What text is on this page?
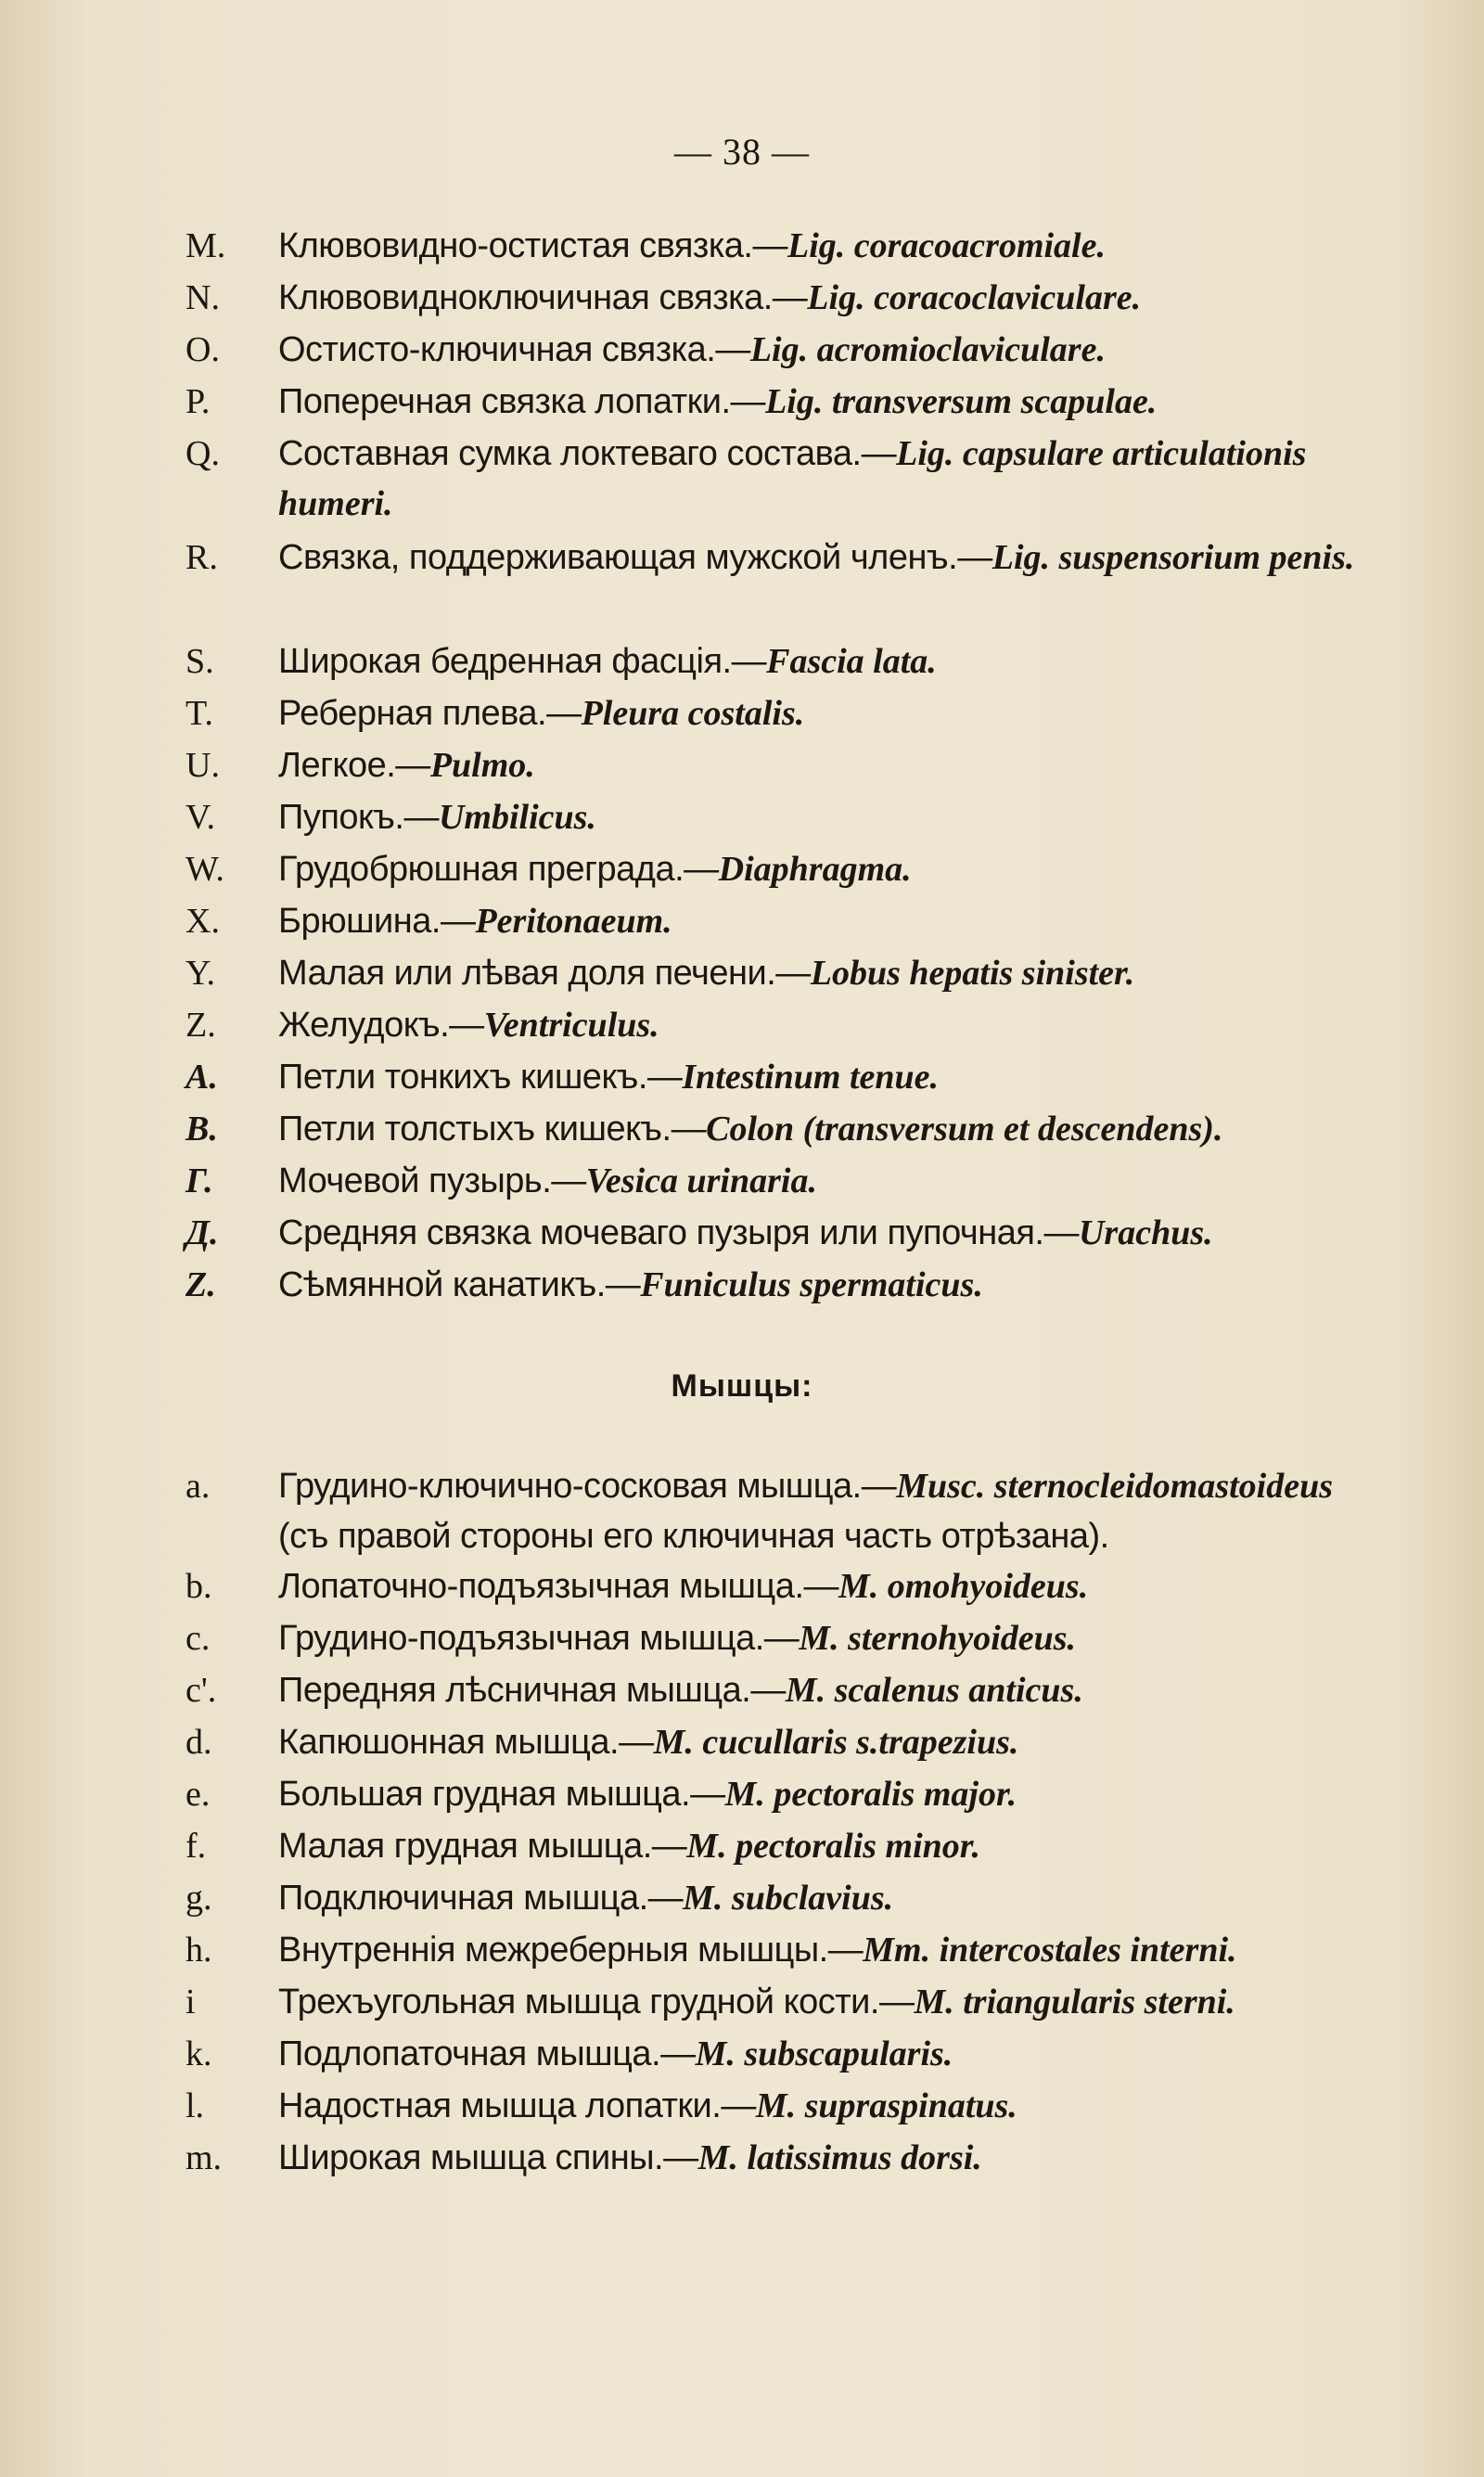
— 38 —
M. Клювовидно-остистая связка.—Lig. coracoacromiale.
N. Клювовидноключичная связка.—Lig. coracoclaviculare.
O. Остисто-ключичная связка.—Lig. acromioclaviculare.
P. Поперечная связка лопатки.—Lig. transversum scapulae.
Q. Составная сумка локтеваго состава.—Lig. capsulare articulationis humeri.
R. Связка, поддерживающая мужской членъ.—Lig. suspensorium penis.
S. Широкая бедренная фасція.—Fascia lata.
T. Реберная плева.—Pleura costalis.
U. Легкое.—Pulmo.
V. Пупокъ.—Umbilicus.
W. Грудобрюшная преграда.—Diaphragma.
X. Брюшина.—Peritonaeum.
Y. Малая или лѣвая доля печени.—Lobus hepatis sinister.
Z. Желудокъ.—Ventriculus.
A. Петли тонкихъ кишекъ.—Intestinum tenue.
B. Петли толстыхъ кишекъ.—Colon (transversum et descendens).
Г. Мочевой пузырь.—Vesica urinaria.
Д. Средняя связка мочеваго пузыря или пупочная.—Urachus.
Z. Сѣмянной канатикъ.—Funiculus spermaticus.
Мышцы:
a. Грудино-ключично-сосковая мышца.—Musc. sternocleidomastoideus (съ правой стороны его ключичная часть отрѣзана).
b. Лопаточно-подъязычная мышца.—M. omohyoideus.
c. Грудино-подъязычная мышца.—M. sternohyoideus.
c'. Передняя лѣсничная мышца.—M. scalenus anticus.
d. Капюшонная мышца.—M. cucullaris s.trapezius.
e. Большая грудная мышца.—M. pectoralis major.
f. Малая грудная мышца.—M. pectoralis minor.
g. Подключичная мышца.—M. subclavius.
h. Внутреннія межреберныя мышцы.—Mm. intercostales interni.
i Трехъугольная мышца грудной кости.—M. triangularis sterni.
k. Подлопаточная мышца.—M. subscapularis.
l. Надостная мышца лопатки.—M. supraspinatus.
m. Широкая мышца спины.—M. latissimus dorsi.
